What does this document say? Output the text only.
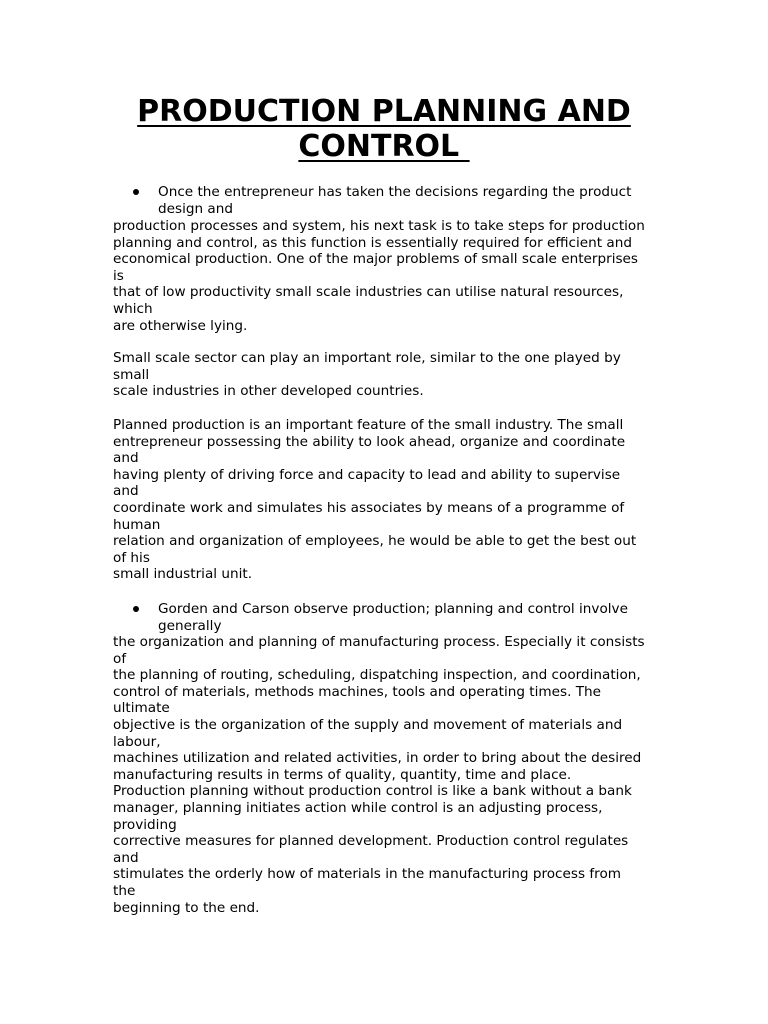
PRODUCTION PLANNING AND
CONTROL
Once the entrepreneur has taken the decisions regarding the product
design and

production processes and system, his next task is to take steps for production
planning and control, as this function is essentially required for efficient and
economical production. One of the major problems of small scale enterprises
is
that of low productivity small scale industries can utilise natural resources,
which
are otherwise lying.

Small scale sector can play an important role, similar to the one played by
small
scale industries in other developed countries.

Planned production is an important feature of the small industry. The small
entrepreneur possessing the ability to look ahead, organize and coordinate
and
having plenty of driving force and capacity to lead and ability to supervise
and
coordinate work and simulates his associates by means of a programme of
human
relation and organization of employees, he would be able to get the best out
of his
small industrial unit.

Gorden and Carson observe production; planning and control involve
generally

the organization and planning of manufacturing process. Especially it consists
of
the planning of routing, scheduling, dispatching inspection, and coordination,
control of materials, methods machines, tools and operating times. The
ultimate
objective is the organization of the supply and movement of materials and
labour,
machines utilization and related activities, in order to bring about the desired
manufacturing results in terms of quality, quantity, time and place.
Production planning without production control is like a bank without a bank
manager, planning initiates action while control is an adjusting process,
providing
corrective measures for planned development. Production control regulates
and
stimulates the orderly how of materials in the manufacturing process from
the
beginning to the end.
